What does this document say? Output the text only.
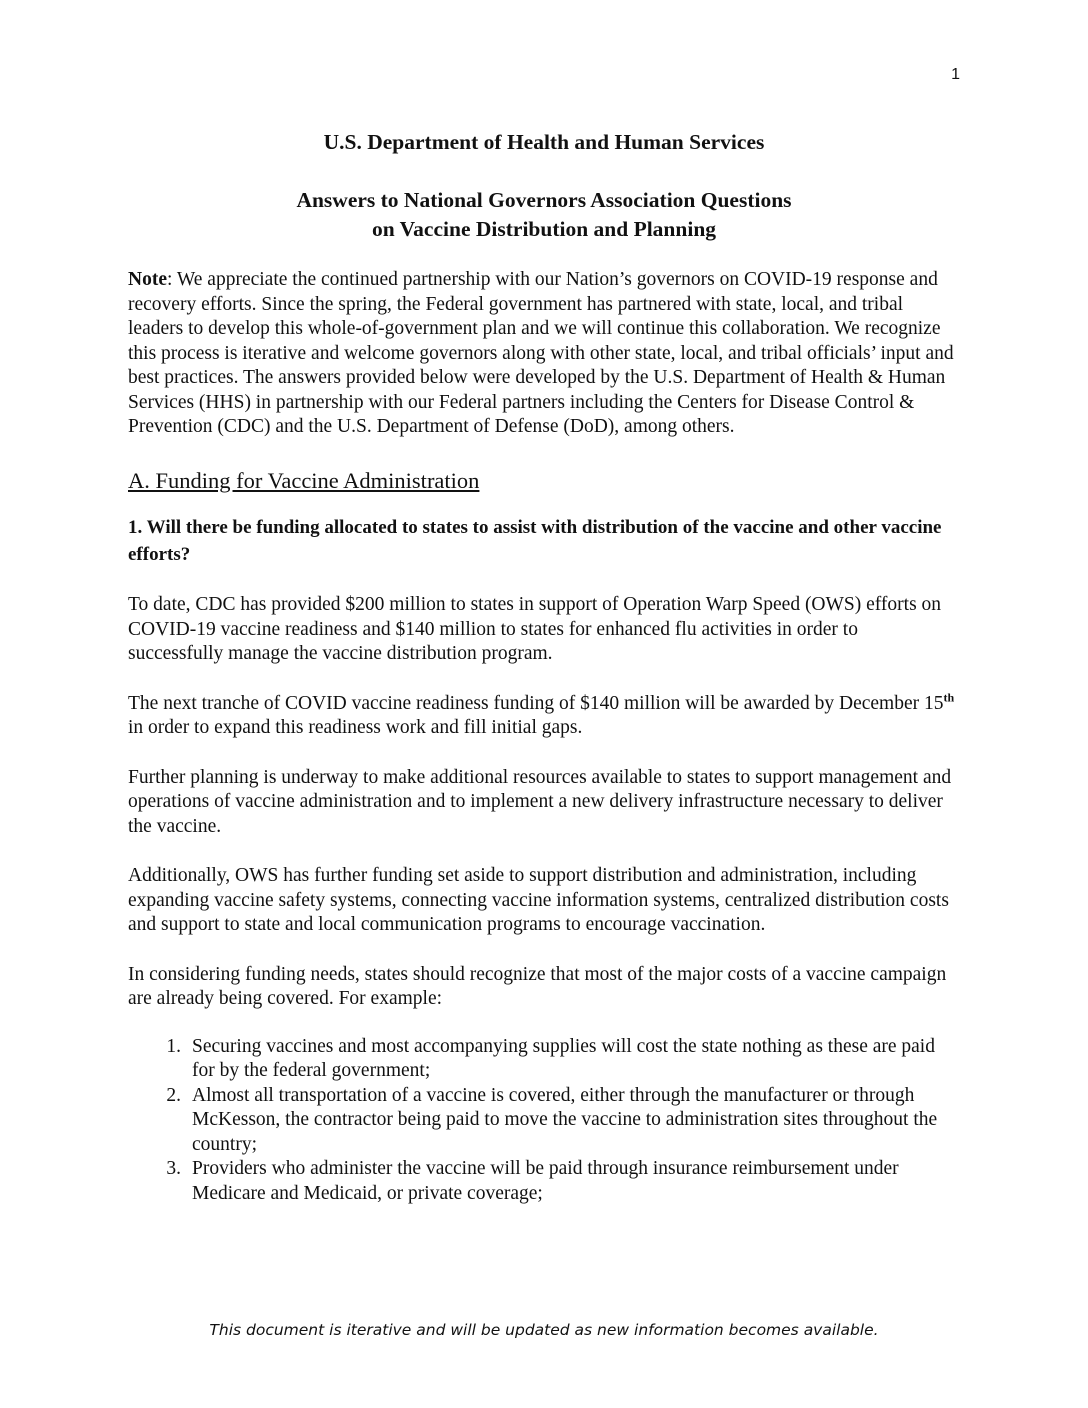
1
U.S. Department of Health and Human Services
Answers to National Governors Association Questions
on Vaccine Distribution and Planning

Note: We appreciate the continued partnership with our Nation’s governors on COVID-19 response and recovery efforts. Since the spring, the Federal government has partnered with state, local, and tribal leaders to develop this whole-of-government plan and we will continue this collaboration. We recognize this process is iterative and welcome governors along with other state, local, and tribal officials’ input and best practices. The answers provided below were developed by the U.S. Department of Health & Human Services (HHS) in partnership with our Federal partners including the Centers for Disease Control & Prevention (CDC) and the U.S. Department of Defense (DoD), among others.

A. Funding for Vaccine Administration

1. Will there be funding allocated to states to assist with distribution of the vaccine and other vaccine efforts?

To date, CDC has provided $200 million to states in support of Operation Warp Speed (OWS) efforts on COVID-19 vaccine readiness and $140 million to states for enhanced flu activities in order to successfully manage the vaccine distribution program.

The next tranche of COVID vaccine readiness funding of $140 million will be awarded by December 15th in order to expand this readiness work and fill initial gaps.

Further planning is underway to make additional resources available to states to support management and operations of vaccine administration and to implement a new delivery infrastructure necessary to deliver the vaccine.

Additionally, OWS has further funding set aside to support distribution and administration, including expanding vaccine safety systems, connecting vaccine information systems, centralized distribution costs and support to state and local communication programs to encourage vaccination.

In considering funding needs, states should recognize that most of the major costs of a vaccine campaign are already being covered. For example:

1. Securing vaccines and most accompanying supplies will cost the state nothing as these are paid for by the federal government;
2. Almost all transportation of a vaccine is covered, either through the manufacturer or through McKesson, the contractor being paid to move the vaccine to administration sites throughout the country;
3. Providers who administer the vaccine will be paid through insurance reimbursement under Medicare and Medicaid, or private coverage;
This document is iterative and will be updated as new information becomes available.
